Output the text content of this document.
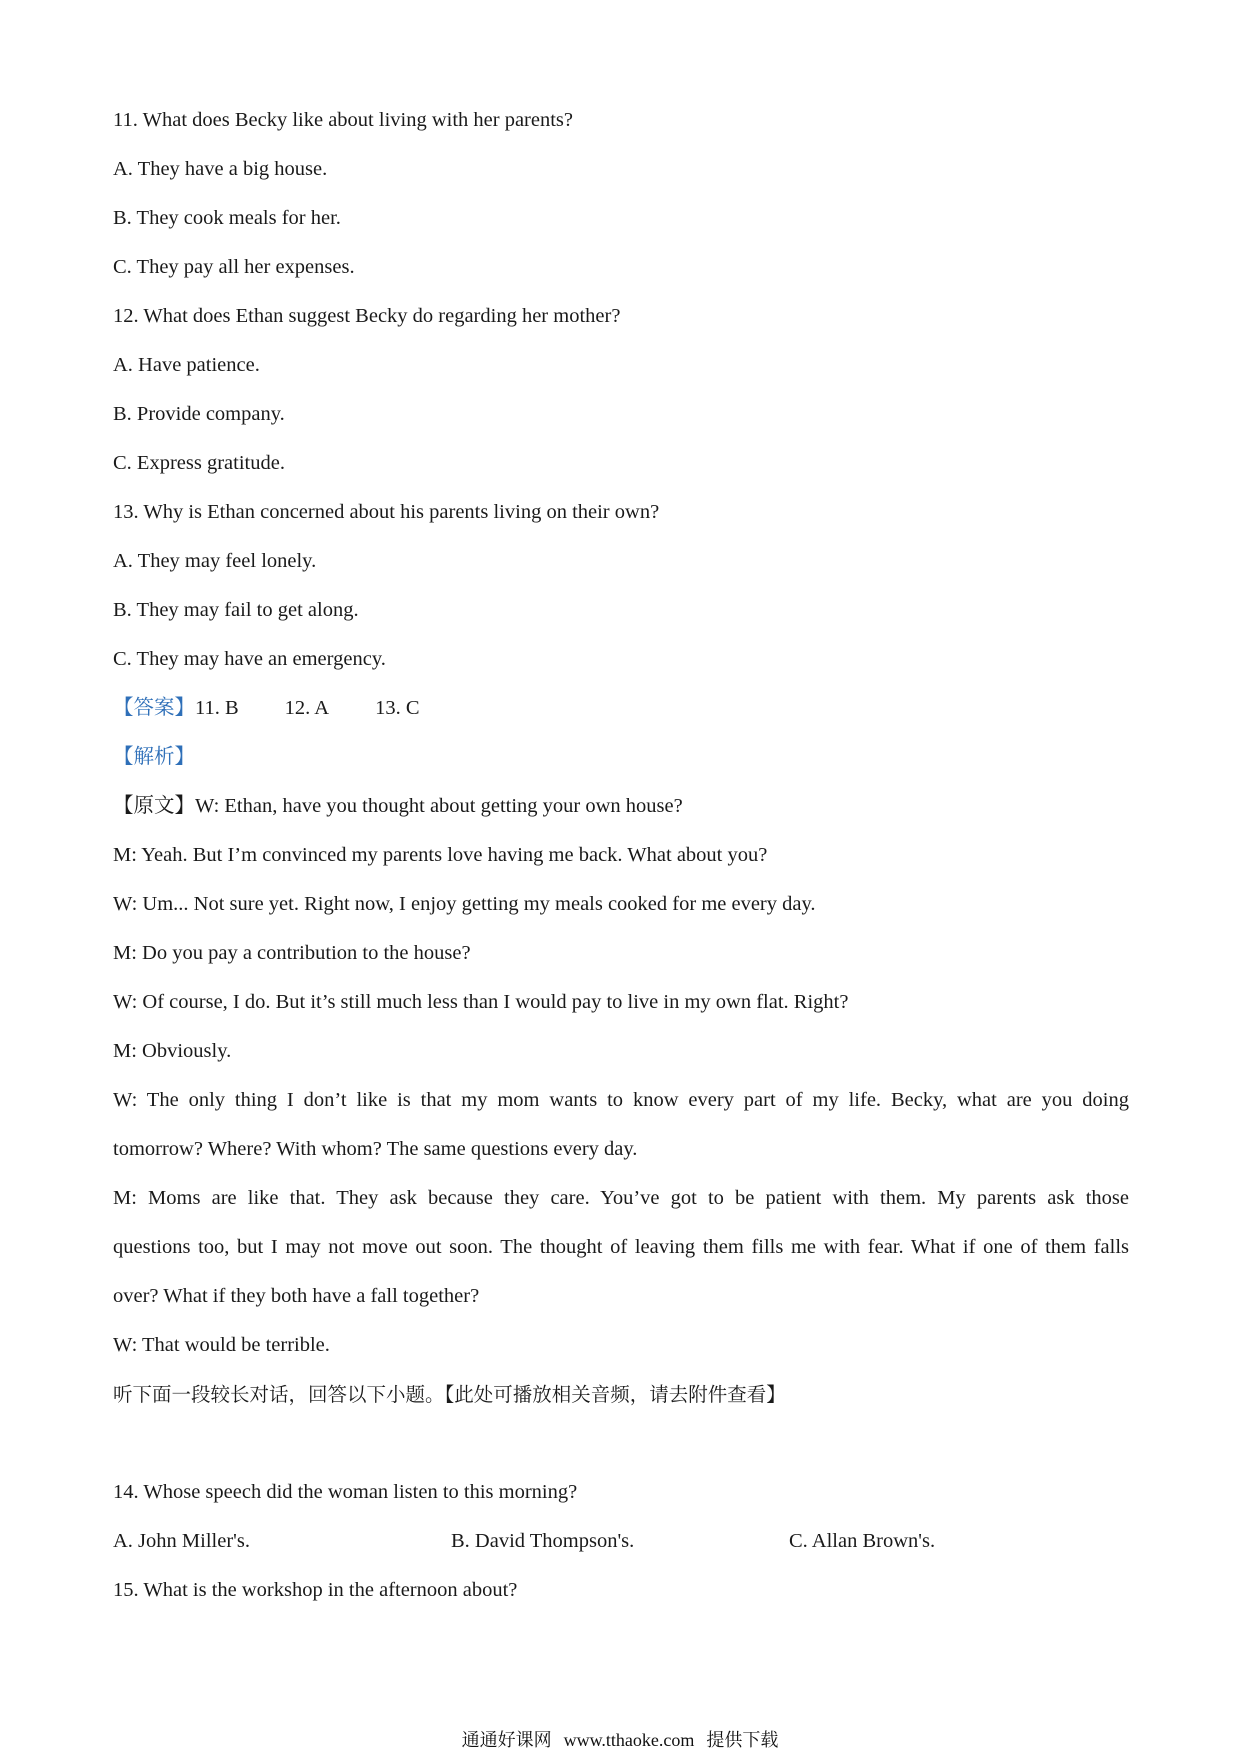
11. What does Becky like about living with her parents?
A. They have a big house.
B. They cook meals for her.
C. They pay all her expenses.
12. What does Ethan suggest Becky do regarding her mother?
A. Have patience.
B. Provide company.
C. Express gratitude.
13. Why is Ethan concerned about his parents living on their own?
A. They may feel lonely.
B. They may fail to get along.
C. They may have an emergency.
【答案】11. B 12. A 13. C
【解析】
【原文】W: Ethan, have you thought about getting your own house?
M: Yeah. But I’m convinced my parents love having me back. What about you?
W: Um... Not sure yet. Right now, I enjoy getting my meals cooked for me every day.
M: Do you pay a contribution to the house?
W: Of course, I do. But it’s still much less than I would pay to live in my own flat. Right?
M: Obviously.
W: The only thing I don’t like is that my mom wants to know every part of my life. Becky, what are you doing
tomorrow? Where? With whom? The same questions every day.
M: Moms are like that. They ask because they care. You’ve got to be patient with them. My parents ask those
questions too, but I may not move out soon. The thought of leaving them fills me with fear. What if one of them falls
over? What if they both have a fall together?
W: That would be terrible.
听下面一段较长对话，回答以下小题。【此处可播放相关音频，请去附件查看】
14. Whose speech did the woman listen to this morning?
A. John Miller's.	B. David Thompson's.	C. Allan Brown's.
15. What is the workshop in the afternoon about?
通通好课网 www.tthaoke.com 提供下载
